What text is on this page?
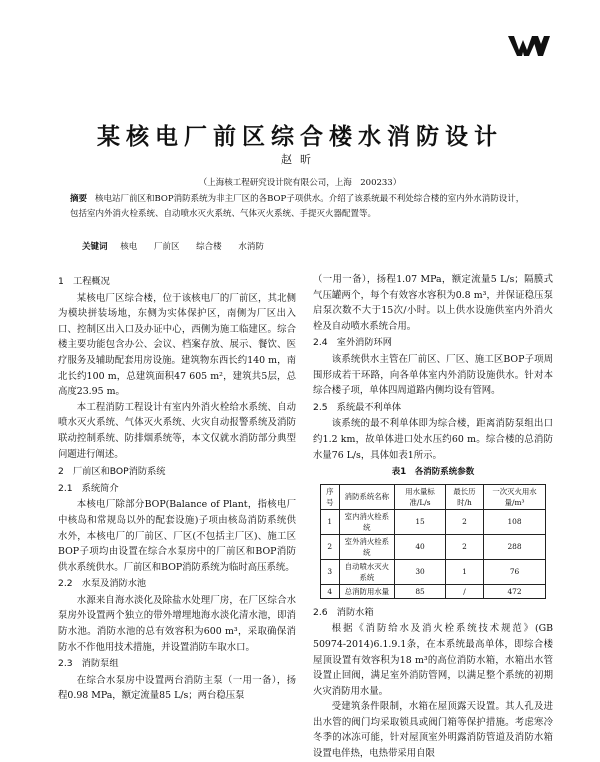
某核电厂前区综合楼水消防设计
赵昕
（上海核工程研究设计院有限公司，上海　200233）
摘要 核电站厂前区和BOP消防系统为非主厂区的各BOP子项供水。介绍了该系统最不利处综合楼的室内外水消防设计，包括室内外消火栓系统、自动喷水灭火系统、气体灭火系统、手提灭火器配置等。
关键词 核电 厂前区 综合楼 水消防
1　工程概况

某核电厂区综合楼，位于该核电厂的厂前区，其北侧为模块拼装场地，东侧为实体保护区，南侧为厂区出入口、控制区出入口及办证中心，西侧为施工临建区。综合楼主要功能包含办公、会议、档案存放、展示、餐饮、医疗服务及辅助配套用房设施。建筑物东西长约140 m，南北长约100 m，总建筑面积47 605 m²，建筑共5层，总高度23.95 m。

本工程消防工程设计有室内外消火栓给水系统、自动喷水灭火系统、气体灭火系统、火灾自动报警系统及消防联动控制系统、防排烟系统等，本文仅就水消防部分典型问题进行阐述。

2　厂前区和BOP消防系统
2.1　系统简介

本核电厂除部分BOP(Balance of Plant，指核电厂中核岛和常规岛以外的配套设施)子项由核岛消防系统供水外，本核电厂的厂前区、厂区(不包括主厂区)、施工区BOP子项均由设置在综合水泵房中的厂前区和BOP消防供水系统供水。厂前区和BOP消防系统为临时高压系统。

2.2　水泵及消防水池

水源来自海水淡化及除盐水处理厂房，在厂区综合水泵房外设置两个独立的带外增埋地海水淡化清水池，即消防水池。消防水池的总有效容积为600 m³，采取确保消防水不作他用技术措施，并设置消防车取水口。

2.3　消防泵组

在综合水泵房中设置两台消防主泵（一用一备），扬程0.98 MPa，额定流量85 L/s；两台稳压泵

（一用一备），扬程1.07 MPa，额定流量5 L/s；隔膜式气压罐两个，每个有效容水容积为0.8 m³，并保证稳压泵启泵次数不大于15次/小时。以上供水设施供室内外消火栓及自动喷水系统合用。

2.4　室外消防环网

该系统供水主管在厂前区、厂区、施工区BOP子项周围形成若干环路，向各单体室内外消防设施供水。针对本综合楼子项，单体四周道路内侧均设有管网。

2.5　系统最不利单体

该系统的最不利单体即为综合楼，距离消防泵组出口约1.2 km，故单体进口处水压约60 m。综合楼的总消防水量76 L/s，具体如表1所示。

表1　各消防系统参数
序号	消防系统名称	用水量标准/L/s	最长历时/h	一次灭火用水量/m³
1	室内消火栓系统	15	2	108
2	室外消火栓系统	40	2	288
3	自动喷水灭火系统	30	1	76
4	总消防用水量	85	/	472
2.6　消防水箱

根据《消防给水及消火栓系统技术规范》(GB 50974-2014)6.1.9.1条，在本系统最高单体，即综合楼屋顶设置有效容积为18 m³的高位消防水箱，水箱出水管设置止回阀，满足室外消防管网，以满足整个系统的初期火灾消防用水量。

受建筑条件限制，水箱在屋顶露天设置。其人孔及进出水管的阀门均采取锁具或阀门箱等保护措施。考虑寒冷冬季的冰冻可能，针对屋顶室外明露消防管道及消防水箱设置电伴热，电热带采用自限
